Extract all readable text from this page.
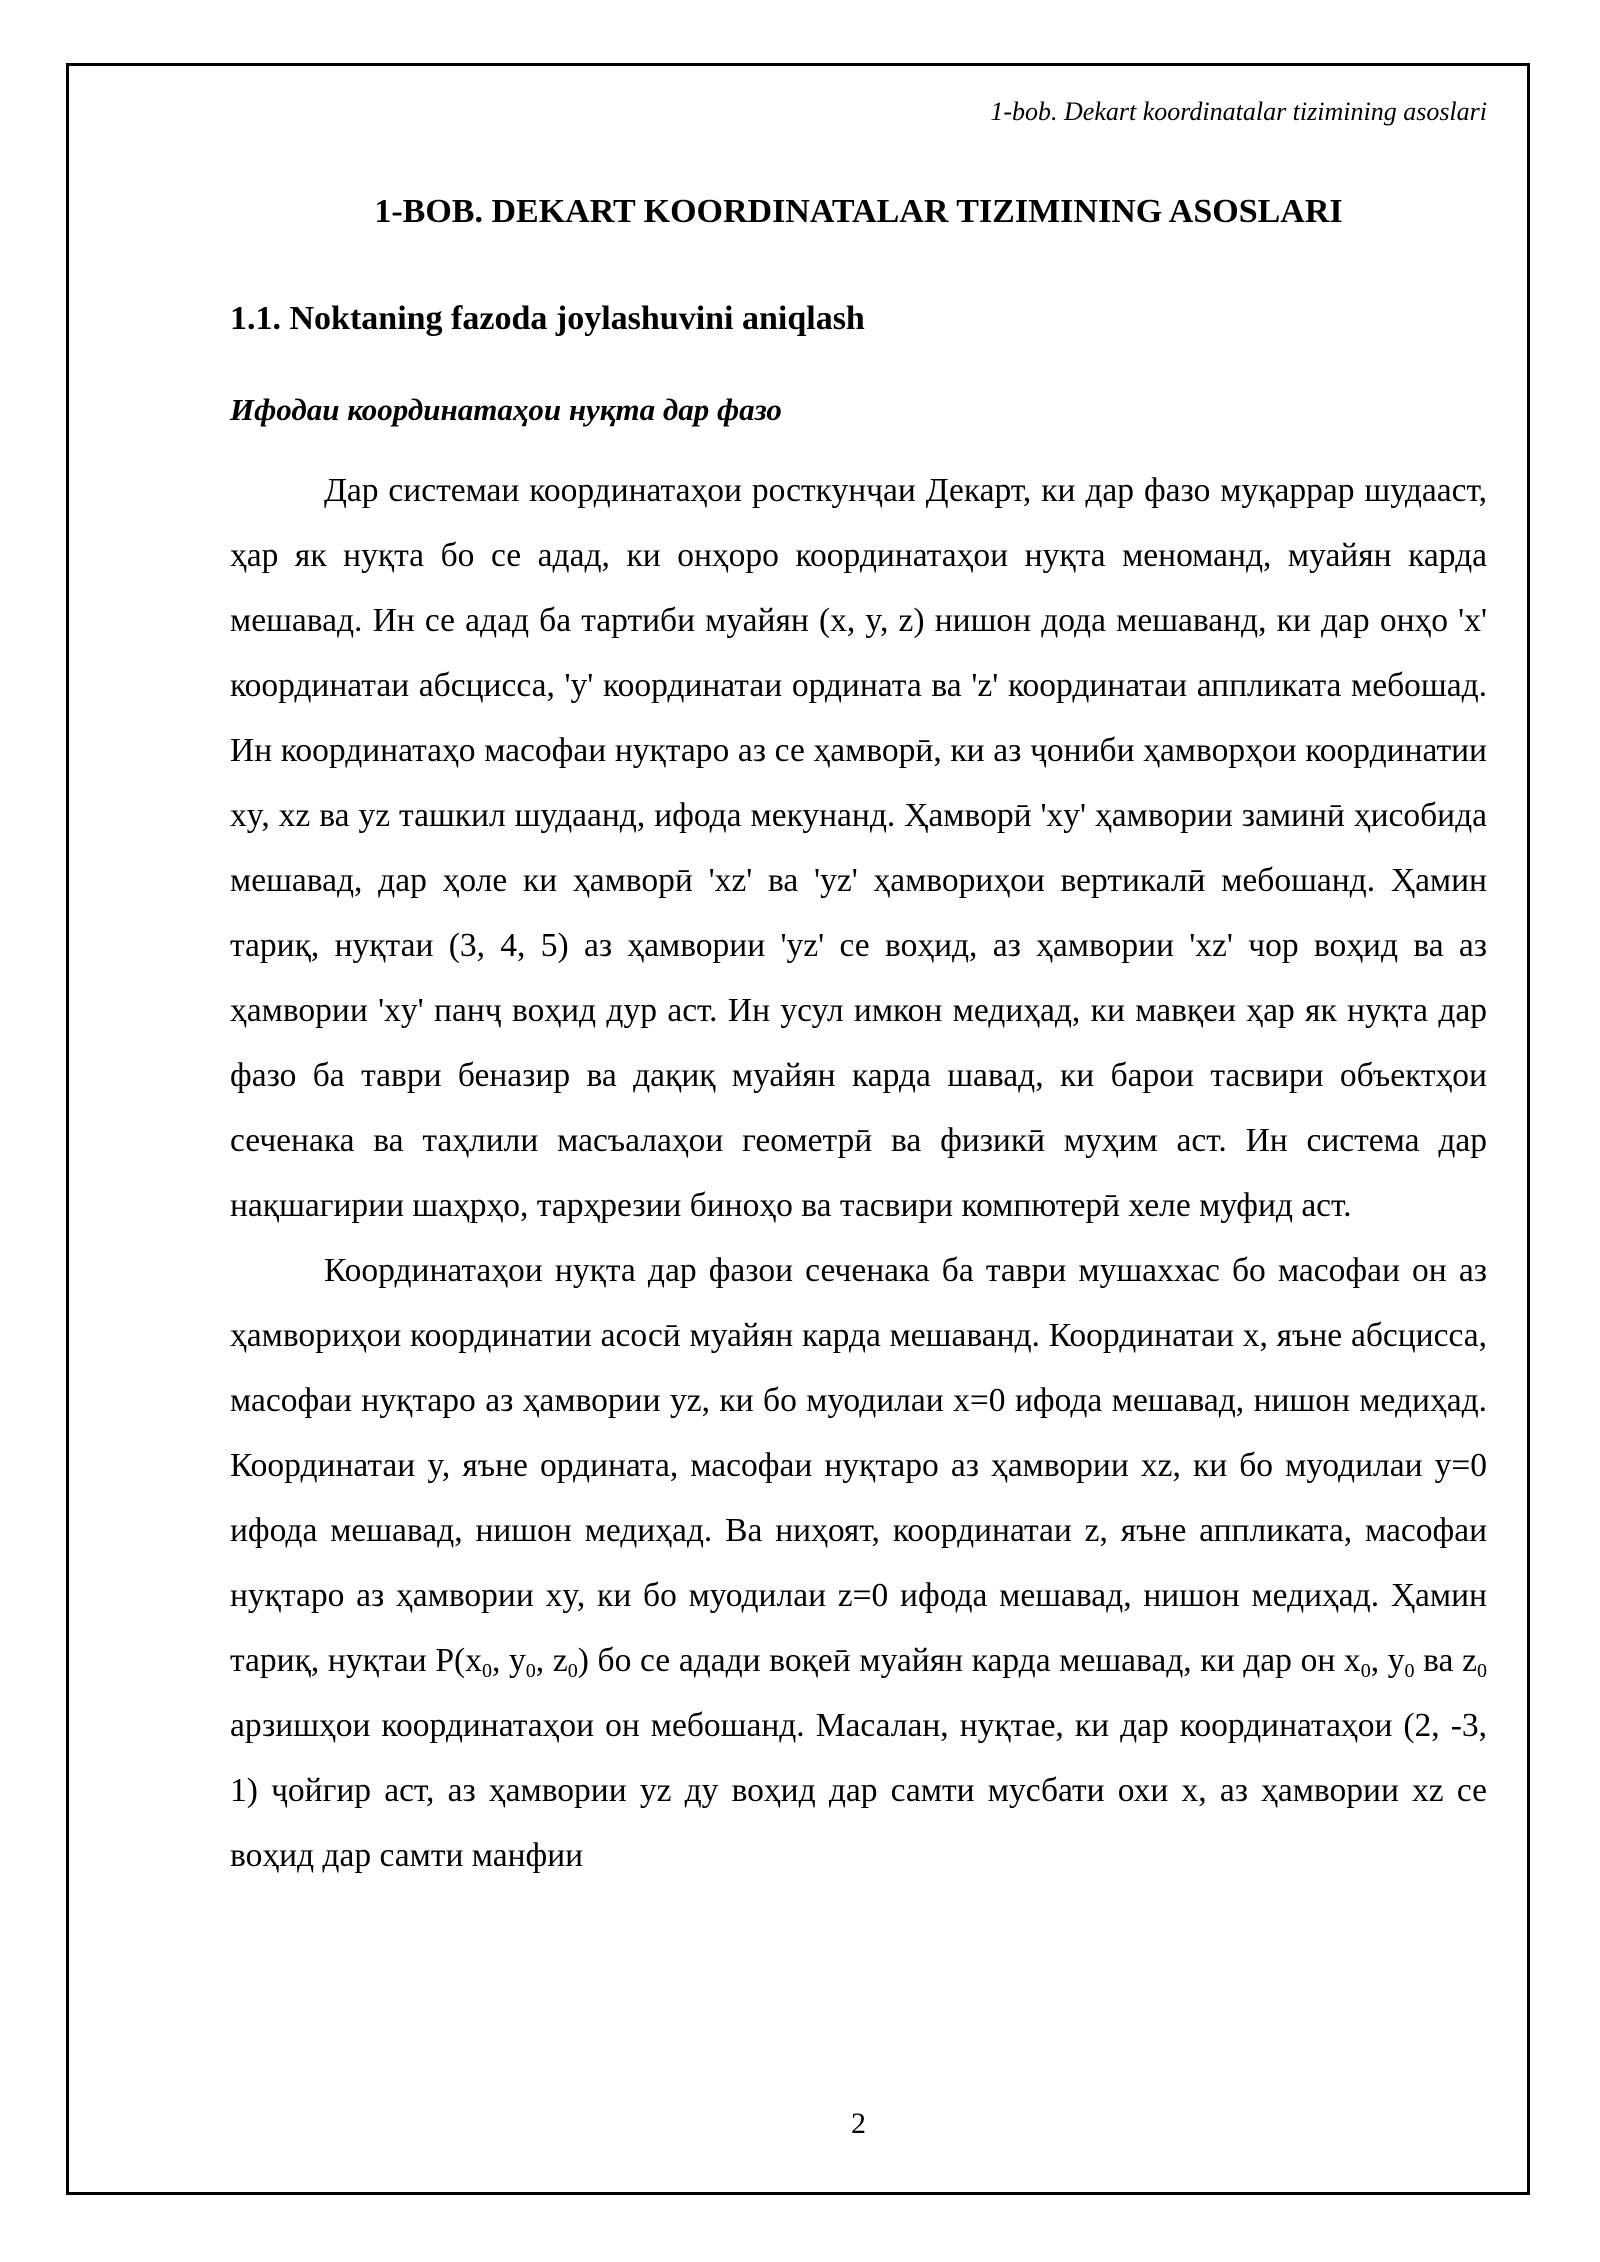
1-bob. Dekart koordinatalar tizimining asoslari
1-BOB. DEKART KOORDINATALAR TIZIMINING ASOSLARI
1.1. Noktaning fazoda joylashuvini aniqlash
Ифодаи координатаҳои нуқта дар фазо

Дар системаи координатаҳои росткунҷаи Декарт, ки дар фазо муқаррар шудааст, ҳар як нуқта бо се адад, ки онҳоро координатаҳои нуқта меноманд, муайян карда мешавад. Ин се адад ба тартиби муайян (x, y, z) нишон дода мешаванд, ки дар онҳо 'x' координатаи абсцисса, 'y' координатаи ордината ва 'z' координатаи аппликата мебошад. Ин координатаҳо масофаи нуқтаро аз се ҳамворӣ, ки аз ҷониби ҳамворҳои координатии xy, xz ва yz ташкил шудаанд, ифода мекунанд. Ҳамворӣ 'xy' ҳамвории заминӣ ҳисобида мешавад, дар ҳоле ки ҳамворӣ 'xz' ва 'yz' ҳамвориҳои вертикалӣ мебошанд. Ҳамин тариқ, нуқтаи (3, 4, 5) аз ҳамвории 'yz' се воҳид, аз ҳамвории 'xz' чор воҳид ва аз ҳамвории 'xy' панҷ воҳид дур аст. Ин усул имкон медиҳад, ки мавқеи ҳар як нуқта дар фазо ба таври беназир ва дақиқ муайян карда шавад, ки барои тасвири объектҳои сеченака ва таҳлили масъалаҳои геометрӣ ва физикӣ муҳим аст. Ин система дар нақшагирии шаҳрҳо, тарҳрезии биноҳо ва тасвири компютерӣ хеле муфид аст.

Координатаҳои нуқта дар фазои сеченака ба таври мушаххас бо масофаи он аз ҳамвориҳои координатии асосӣ муайян карда мешаванд. Координатаи x, яъне абсцисса, масофаи нуқтаро аз ҳамвории yz, ки бо муодилаи x=0 ифода мешавад, нишон медиҳад. Координатаи y, яъне ордината, масофаи нуқтаро аз ҳамвории xz, ки бо муодилаи y=0 ифода мешавад, нишон медиҳад. Ва ниҳоят, координатаи z, яъне аппликата, масофаи нуқтаро аз ҳамвории xy, ки бо муодилаи z=0 ифода мешавад, нишон медиҳад. Ҳамин тариқ, нуқтаи $P(x_0$, $y_0$, $z_0$) бо се адади воқеӣ муайян карда мешавад, ки дар он $x_0$, $y_0$ ва $z_0$ арзишҳои координатаҳои он мебошанд. Масалан, нуқтае, ки дар координатаҳои (2, -3, 1) ҷойгир аст, аз ҳамвории yz ду воҳид дар самти мусбати охи x, аз ҳамвории xz се воҳид дар самти манфии

2
